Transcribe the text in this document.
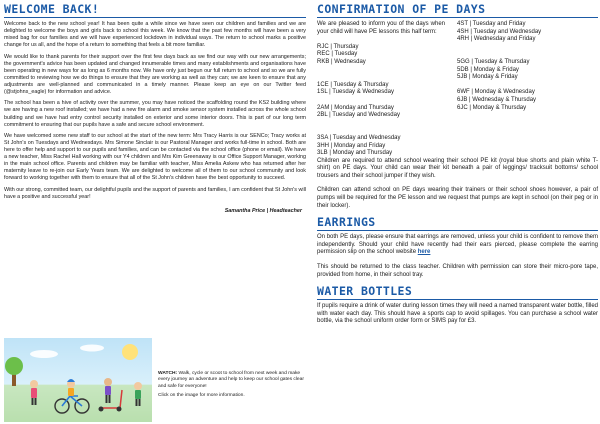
WELCOME BACK!

Welcome back to the new school year! It has been quite a while since we have seen our children and families and we are delighted to welcome the boys and girls back to school this week. We know that the past few months will have been a very mixed bag for our families and we will have experienced lockdown in individual ways. The return to school marks a positive change for us all, and the hope of a return to something that feels a bit more familiar.

We would like to thank parents for their support over the first few days back as we find our way with our new arrangements; the government's advice has been updated and changed innumerable times and many establishments and organisations have been operating in new ways for as long as 6 months now. We have only just begun our full return to school and so we are fully committed to reviewing how we do things to ensure that they are working as well as they can; we are keen to ensure that any adjustments are well-planned and communicated in a timely manner. Please keep an eye on our Twitter feed (@stjohns_eagle) for information and advice.

The school has been a hive of activity over the summer, you may have noticed the scaffolding round the KS2 building where we are having a new roof installed; we have had a new fire alarm and smoke sensor system installed across the whole school building and we have had entry control security installed on exterior and some interior doors. This is part of our long term commitment to ensuring that our pupils have a safe and secure school environment.

We have welcomed some new staff to our school at the start of the new term: Mrs Tracy Harris is our SENCo; Tracy works at St John's on Tuesdays and Wednesdays. Mrs Simone Sinclair is our Pastoral Manager and works full-time in school. Both are here to offer help and support to our pupils and families, and can be contacted via the school office (phone or email). We have a new teacher, Miss Rachel Hall working with our Y4 children and Mrs Kim Greenaway is our Office Support Manager, working in the main school office. Parents and children may be familiar with teacher, Miss Amelia Askew who has returned after her maternity leave to re-join our Early Years team. We are delighted to welcome all of them to our school community and look forward to working together with them to ensure that all of the St John's children have the best opportunity to succeed.

With our strong, committed team, our delightful pupils and the support of parents and families, I am confident that St John's will have a positive and successful year!

Samantha Price | Headteacher

WATCH: Walk, cycle or scoot to school from next week and make every journey an adventure and help to keep our school gates clear and safe for everyone!

Click on the image for more information.

CONFIRMATION OF PE DAYS
We are pleased to inform you of the days when your child will have PE lessons this half term:
RJC | Thursday
REC | Tuesday
RKB | Wednesday
1CE | Tuesday & Thursday
1SL | Tuesday & Wednesday
2AM | Monday and Thursday
2BL | Tuesday and Wednesday
3SA | Tuesday and Wednesday
3HH | Monday and Friday
3LB | Monday and Thursday
4ST | Tuesday and Friday
4SH | Tuesday and Wednesday
4RH | Wednesday and Friday
5GG | Tuesday & Thursday
5DB | Monday & Friday
5JB | Monday & Friday
6WF | Monday & Wednesday
6JB | Wednesday & Thursday
6JC | Monday & Thursday

Children are required to attend school wearing their school PE kit (royal blue shorts and plain white T-shirt) on PE days. Your child can wear their kit beneath a pair of leggings/ tracksuit bottoms/ school trousers and their school jumper if they wish.

Children can attend school on PE days wearing their trainers or their school shoes however, a pair of pumps will be required for the PE lesson and we request that pumps are kept in school (on their peg or in their locker).

EARRINGS

On both PE days, please ensure that earrings are removed, unless your child is confident to remove them independently. Should your child have recently had their ears pierced, please complete the earring permission slip on the school website here

This should be returned to the class teacher. Children with permission can store their micro-pore tape, provided from home, in their school tray.

WATER BOTTLES

If pupils require a drink of water during lesson times they will need a named transparent water bottle, filled with water each day. This should have a sports cap to avoid spillages. You can purchase a school water bottle, via the school uniform order form or SIMS pay for £3.
